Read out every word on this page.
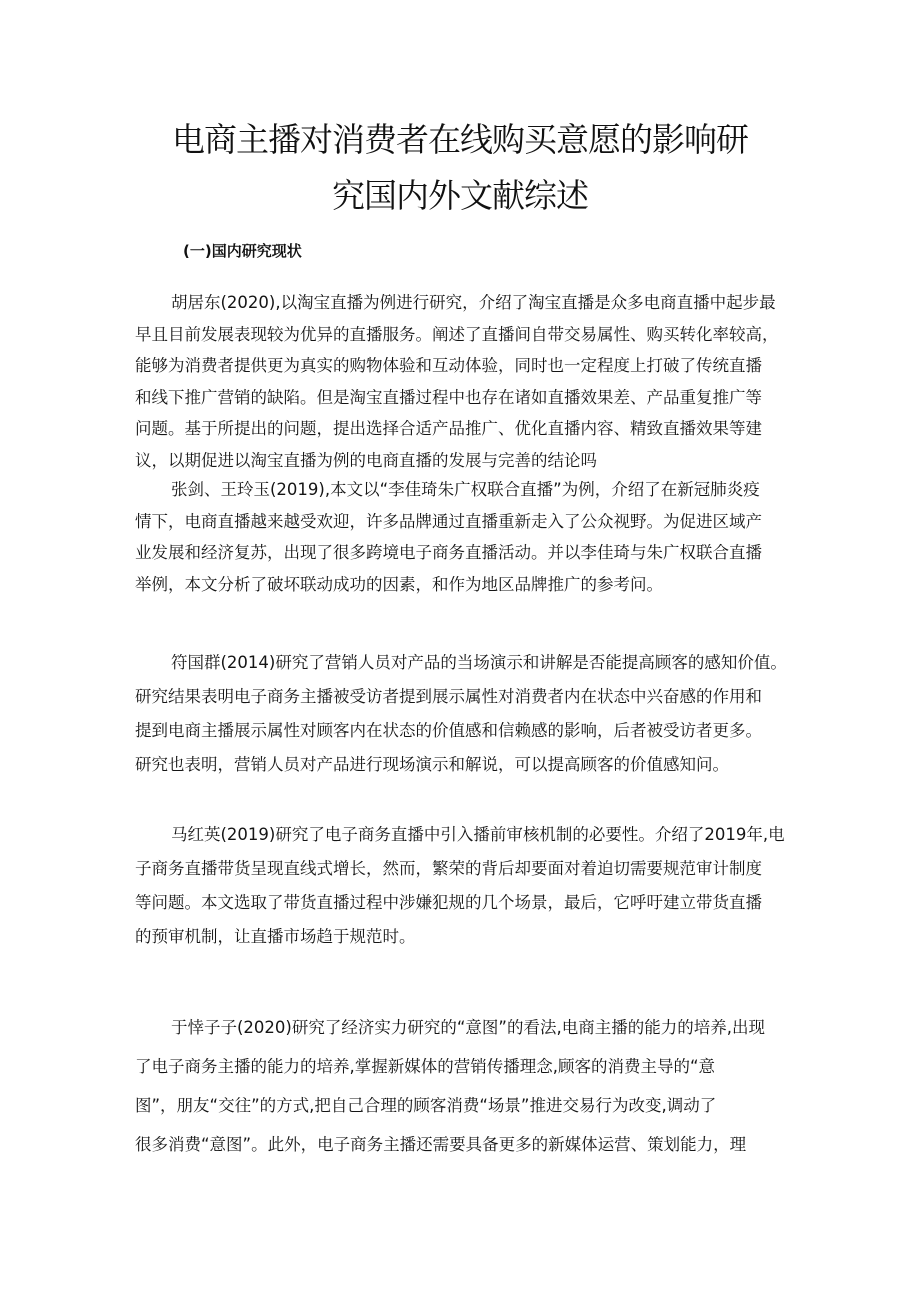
电商主播对消费者在线购买意愿的影响研
究国内外文献综述
(一)国内研究现状
胡居东(2020),以淘宝直播为例进行研究，介绍了淘宝直播是众多电商直播中起步最
早且目前发展表现较为优异的直播服务。阐述了直播间自带交易属性、购买转化率较高，
能够为消费者提供更为真实的购物体验和互动体验，同时也一定程度上打破了传统直播
和线下推广营销的缺陷。但是淘宝直播过程中也存在诸如直播效果差、产品重复推广等
问题。基于所提出的问题，提出选择合适产品推广、优化直播内容、精致直播效果等建
议，以期促进以淘宝直播为例的电商直播的发展与完善的结论吗
张剑、王玲玉(2019),本文以“李佳琦朱广权联合直播”为例，介绍了在新冠肺炎疫
情下，电商直播越来越受欢迎，许多品牌通过直播重新走入了公众视野。为促进区域产
业发展和经济复苏，出现了很多跨境电子商务直播活动。并以李佳琦与朱广权联合直播
举例，本文分析了破坏联动成功的因素，和作为地区品牌推广的参考问。
符国群(2014)研究了营销人员对产品的当场演示和讲解是否能提高顾客的感知价值。
研究结果表明电子商务主播被受访者提到展示属性对消费者内在状态中兴奋感的作用和
提到电商主播展示属性对顾客内在状态的价值感和信赖感的影响，后者被受访者更多。
研究也表明，营销人员对产品进行现场演示和解说，可以提高顾客的价值感知问。
马红英(2019)研究了电子商务直播中引入播前审核机制的必要性。介绍了2019年,电
子商务直播带货呈现直线式增长，然而，繁荣的背后却要面对着迫切需要规范审计制度
等问题。本文选取了带货直播过程中涉嫌犯规的几个场景，最后，它呼吁建立带货直播
的预审机制，让直播市场趋于规范时。
于悻子子(2020)研究了经济实力研究的“意图”的看法,电商主播的能力的培养,出现
了电子商务主播的能力的培养,掌握新媒体的营销传播理念,顾客的消费主导的“意
图”，朋友“交往”的方式,把自己合理的顾客消费“场景”推进交易行为改变,调动了
很多消费“意图”。此外，电子商务主播还需要具备更多的新媒体运营、策划能力，理
